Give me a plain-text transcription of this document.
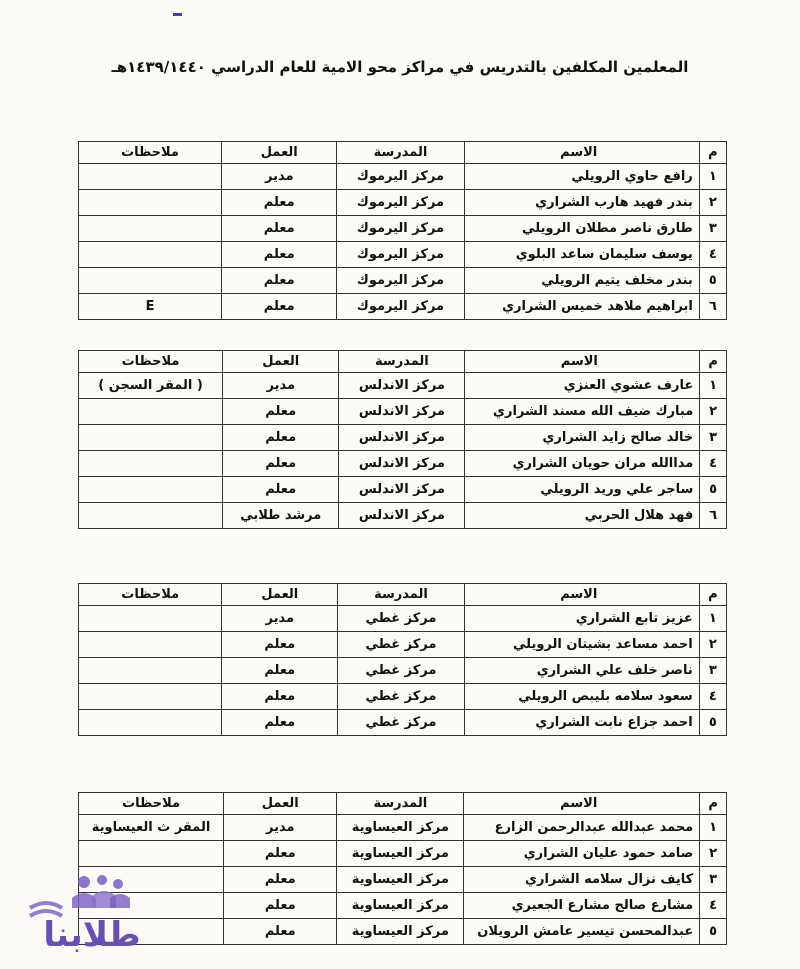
المعلمين المكلفين بالتدريس في مراكز محو الامية للعام الدراسي ١٤٣٩/١٤٤٠هـ
م	الاسم	المدرسة	العمل	ملاحظات
١	رافع حاوي الرويلي	مركز اليرموك	مدير	
٢	بندر فهيد هارب الشراري	مركز اليرموك	معلم	
٣	طارق ناصر مطلان الرويلي	مركز اليرموك	معلم	
٤	يوسف سليمان ساعد البلوي	مركز اليرموك	معلم	
٥	بندر مخلف يتيم الرويلي	مركز اليرموك	معلم	
٦	ابراهيم ملاهد خميس الشراري	مركز اليرموك	معلم	E
م	الاسم	المدرسة	العمل	ملاحظات
١	عارف عشوي العنزي	مركز الاندلس	مدير	( المقر السجن )
٢	مبارك ضيف الله مسند الشراري	مركز الاندلس	معلم	
٣	خالد صالح زايد الشراري	مركز الاندلس	معلم	
٤	مداالله مران حويان الشراري	مركز الاندلس	معلم	
٥	ساجر علي وريد الرويلي	مركز الاندلس	معلم	
٦	فهد هلال الحربي	مركز الاندلس	مرشد طلابي	
م	الاسم	المدرسة	العمل	ملاحظات
١	عزيز تابع الشراري	مركز غطي	مدير	
٢	احمد مساعد بشيتان الرويلي	مركز غطي	معلم	
٣	ناصر خلف علي الشراري	مركز غطي	معلم	
٤	سعود سلامه بليبص الرويلي	مركز غطي	معلم	
٥	احمد جزاع نابت الشراري	مركز غطي	معلم	
م	الاسم	المدرسة	العمل	ملاحظات
١	محمد عبدالله عبدالرحمن الزارع	مركز العيساوية	مدير	المقر ث العيساوية
٢	صامد حمود عليان الشراري	مركز العيساوية	معلم	
٣	كايف نزال سلامه الشراري	مركز العيساوية	معلم	
٤	مشارع صالح مشارع الجعيري	مركز العيساوية	معلم	
٥	عبدالمحسن تيسير عامش الرويلان	مركز العيساوية	معلم	
طلابنا
